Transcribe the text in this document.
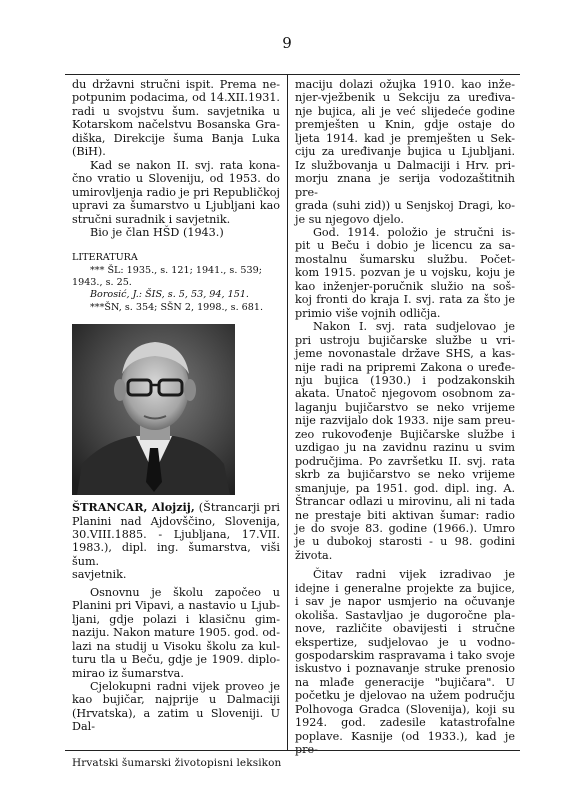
9
du državni stručni ispit. Prema ne-
potpunim podacima, od 14.XII.1931.
radi u svojstvu šum. savjetnika u
Kotarskom načelstvu Bosanska Gra-
diška, Direkcije šuma Banja Luka
(BiH).
Kad se nakon II. svj. rata kona-
čno vratio u Sloveniju, od 1953. do
umirovljenja radio je pri Republičkoj
upravi za šumarstvo u Ljubljani kao
stručni suradnik i savjetnik.
Bio je član HŠD (1943.)
LITERATURA
*** ŠL: 1935., s. 121; 1941., s. 539;
1943., s. 25.
Borosić, J.: ŠIS, s. 5, 53, 94, 151.
***ŠN, s. 354; SŠN 2, 1998., s. 681.
ŠTRANCAR, Alojzij, (Štrancarji pri
Planini nad Ajdovščino, Slovenija,
30.VIII.1885. - Ljubljana, 17.VII.
1983.), dipl. ing. šumarstva, viši šum.
savjetnik.
Osnovnu je školu započeo u
Planini pri Vipavi, a nastavio u Ljub-
ljani, gdje polazi i klasičnu gim-
naziju. Nakon mature 1905. god. od-
lazi na studij u Visoku školu za kul-
turu tla u Beču, gdje je 1909. diplo-
mirao iz šumarstva.
Cjelokupni radni vijek proveo je
kao bujičar, najprije u Dalmaciji
(Hrvatska), a zatim u Sloveniji. U Dal-
maciju dolazi ožujka 1910. kao inže-
njer-vježbenik u Sekciju za uređiva-
nje bujica, ali je već slijedeće godine
premješten u Knin, gdje ostaje do
ljeta 1914. kad je premješten u Sek-
ciju za uređivanje bujica u Ljubljani.
Iz službovanja u Dalmaciji i Hrv. pri-
morju znana je serija vodozaštitnih pre-
grada (suhi zid)) u Senjskoj Dragi, ko-
je su njegovo djelo.
God. 1914. položio je stručni is-
pit u Beču i dobio je licencu za sa-
mostalnu šumarsku službu. Počet-
kom 1915. pozvan je u vojsku, koju je
kao inženjer-poručnik služio na soš-
koj fronti do kraja I. svj. rata za što je
primio više vojnih odličja.
Nakon I. svj. rata sudjelovao je
pri ustroju bujičarske službe u vri-
jeme novonastale države SHS, a kas-
nije radi na pripremi Zakona o uređe-
nju bujica (1930.) i podzakonskih
akata. Unatoč njegovom osobnom za-
laganju bujičarstvo se neko vrijeme
nije razvijalo dok 1933. nije sam preu-
zeo rukovođenje Bujičarske službe i
uzdigao ju na zavidnu razinu u svim
područjima. Po završetku II. svj. rata
skrb za bujičarstvo se neko vrijeme
smanjuje, pa 1951. god. dipl. ing. A.
Štrancar odlazi u mirovinu, ali ni tada
ne prestaje biti aktivan šumar: radio
je do svoje 83. godine (1966.). Umro
je u dubokoj starosti - u 98. godini
života.
Čitav radni vijek izradivao je
idejne i generalne projekte za bujice,
i sav je napor usmjerio na očuvanje
okoliša. Sastavljao je dugoročne pla-
nove, različite obavijesti i stručne
ekspertize, sudjelovao je u vodno-
gospodarskim raspravama i tako svoje
iskustvo i poznavanje struke prenosio
na mlađe generacije "bujičara". U
početku je djelovao na užem području
Polhovoga Gradca (Slovenija), koji su
1924. god. zadesile katastrofalne
poplave. Kasnije (od 1933.), kad je pre-
Hrvatski šumarski životopisni leksikon
